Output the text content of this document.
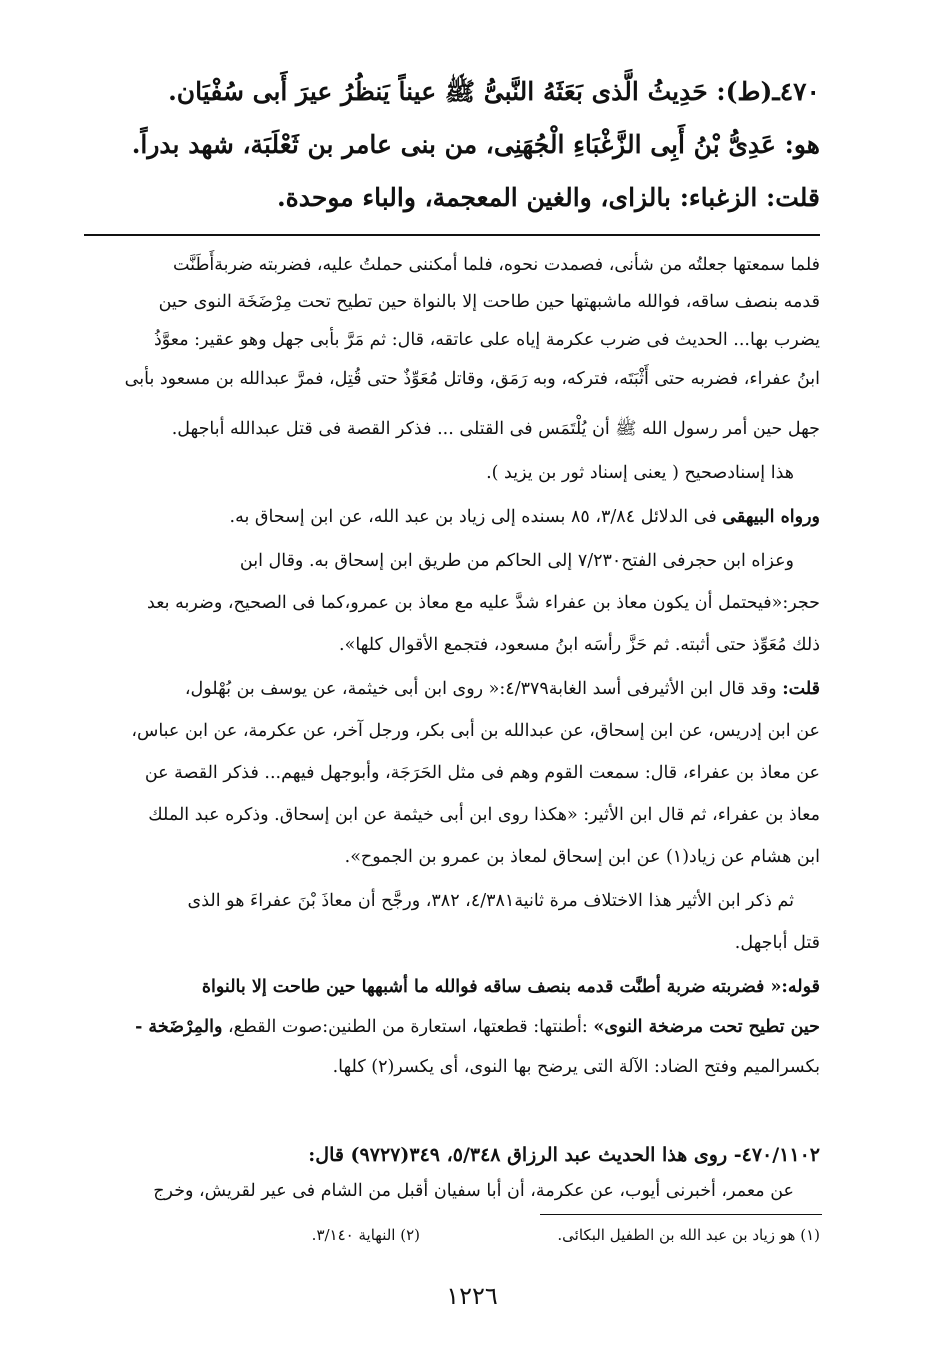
٤٧٠ـ(ط): حَدِيثُ الَّذى بَعَثَهُ النَّبىُّ ﷺ عيناً يَنظُرُ عيرَ أَبى سُفْيَان.
هو: عَدِىُّ بْنُ أَبِى الزَّغْبَاءِ الْجُهَنِى، من بنى عامر بن ثَعْلَبَة، شهد بدراً.
قلت: الزغباء: بالزاى، والغين المعجمة، والباء موحدة.
فلما سمعتها جعلتُه من شأنى، فصمدت نحوه، فلما أمكننى حملتُ عليه، فضربته ضربةأَطَنَّت
قدمه بنصف ساقه، فوالله ماشبهتها حين طاحت إلا بالنواة حين تطيح تحت مِرْضَخَة النوى حين
يضرب بها... الحديث فى ضرب عكرمة إياه على عاتقه، قال: ثم مَرَّ بأبى جهل وهو عقير: معوَّذُ
ابنُ عفراء، فضربه حتى أَثْبَتَه، فتركه، وبه رَمَق، وقاتل مُعَوِّذٌ حتى قُتِل، فمرَّ عبدالله بن مسعود بأبى
جهل حين أمر رسول الله ﷺ أن يُلْتَمَس فى القتلى ... فذكر القصة فى قتل عبدالله أباجهل.
هذا إسنادصحيح ( يعنى إسناد ثور بن يزيد ).
ورواه البيهقى فى الدلائل ٣/٨٤، ٨٥ بسنده إلى زياد بن عبد الله، عن ابن إسحاق به.
وعزاه ابن حجرفى الفتح٧/٢٣٠ إلى الحاكم من طريق ابن إسحاق به. وقال ابن
حجر:«فيحتمل أن يكون معاذ بن عفراء شدَّ عليه مع معاذ بن عمرو،كما فى الصحيح، وضربه بعد
ذلك مُعَوِّذ حتى أثبته. ثم حَزَّ رأسَه ابنُ مسعود، فتجمع الأقوال كلها».
قلت: وقد قال ابن الأثيرفى أسد الغابة٤/٣٧٩:« روى ابن أبى خيثمة، عن يوسف بن بُهْلول،
عن ابن إدريس، عن ابن إسحاق، عن عبدالله بن أبى بكر، ورجل آخر، عن عكرمة، عن ابن عباس،
عن معاذ بن عفراء، قال: سمعت القوم وهم فى مثل الحَرَجَة، وأبوجهل فيهم... فذكر القصة عن
معاذ بن عفراء، ثم قال ابن الأثير: «هكذا روى ابن أبى خيثمة عن ابن إسحاق. وذكره عبد الملك
ابن هشام عن زياد(١) عن ابن إسحاق لمعاذ بن عمرو بن الجموح».
ثم ذكر ابن الأثير هذا الاختلاف مرة ثانية٤/٣٨١، ٣٨٢، ورجَّح أن معاذَ بْنَ عفراءَ هو الذى
قتل أباجهل.
قوله:« فضربته ضربة أطنَّت قدمه بنصف ساقه فوالله ما أشبهها حين طاحت إلا بالنواة
حين تطيح تحت مرضخة النوى» :أطنتها: قطعتها، استعارة من الطنين:صوت القطع، والمِرْضَخة -
بكسرالميم وفتح الضاد: الآلة التى يرضح بها النوى، أى يكسر(٢) كلها.
٤٧٠/١١٠٢- روى هذا الحديث عبد الرزاق ٥/٣٤٨، ٣٤٩(٩٧٢٧) قال:
عن معمر، أخبرنى أيوب، عن عكرمة، أن أبا سفيان أقبل من الشام فى عير لقريش، وخرج
(١) هو زياد بن عبد الله بن الطفيل البكائى.
(٢) النهاية ٣/١٤٠.
١٢٢٦
